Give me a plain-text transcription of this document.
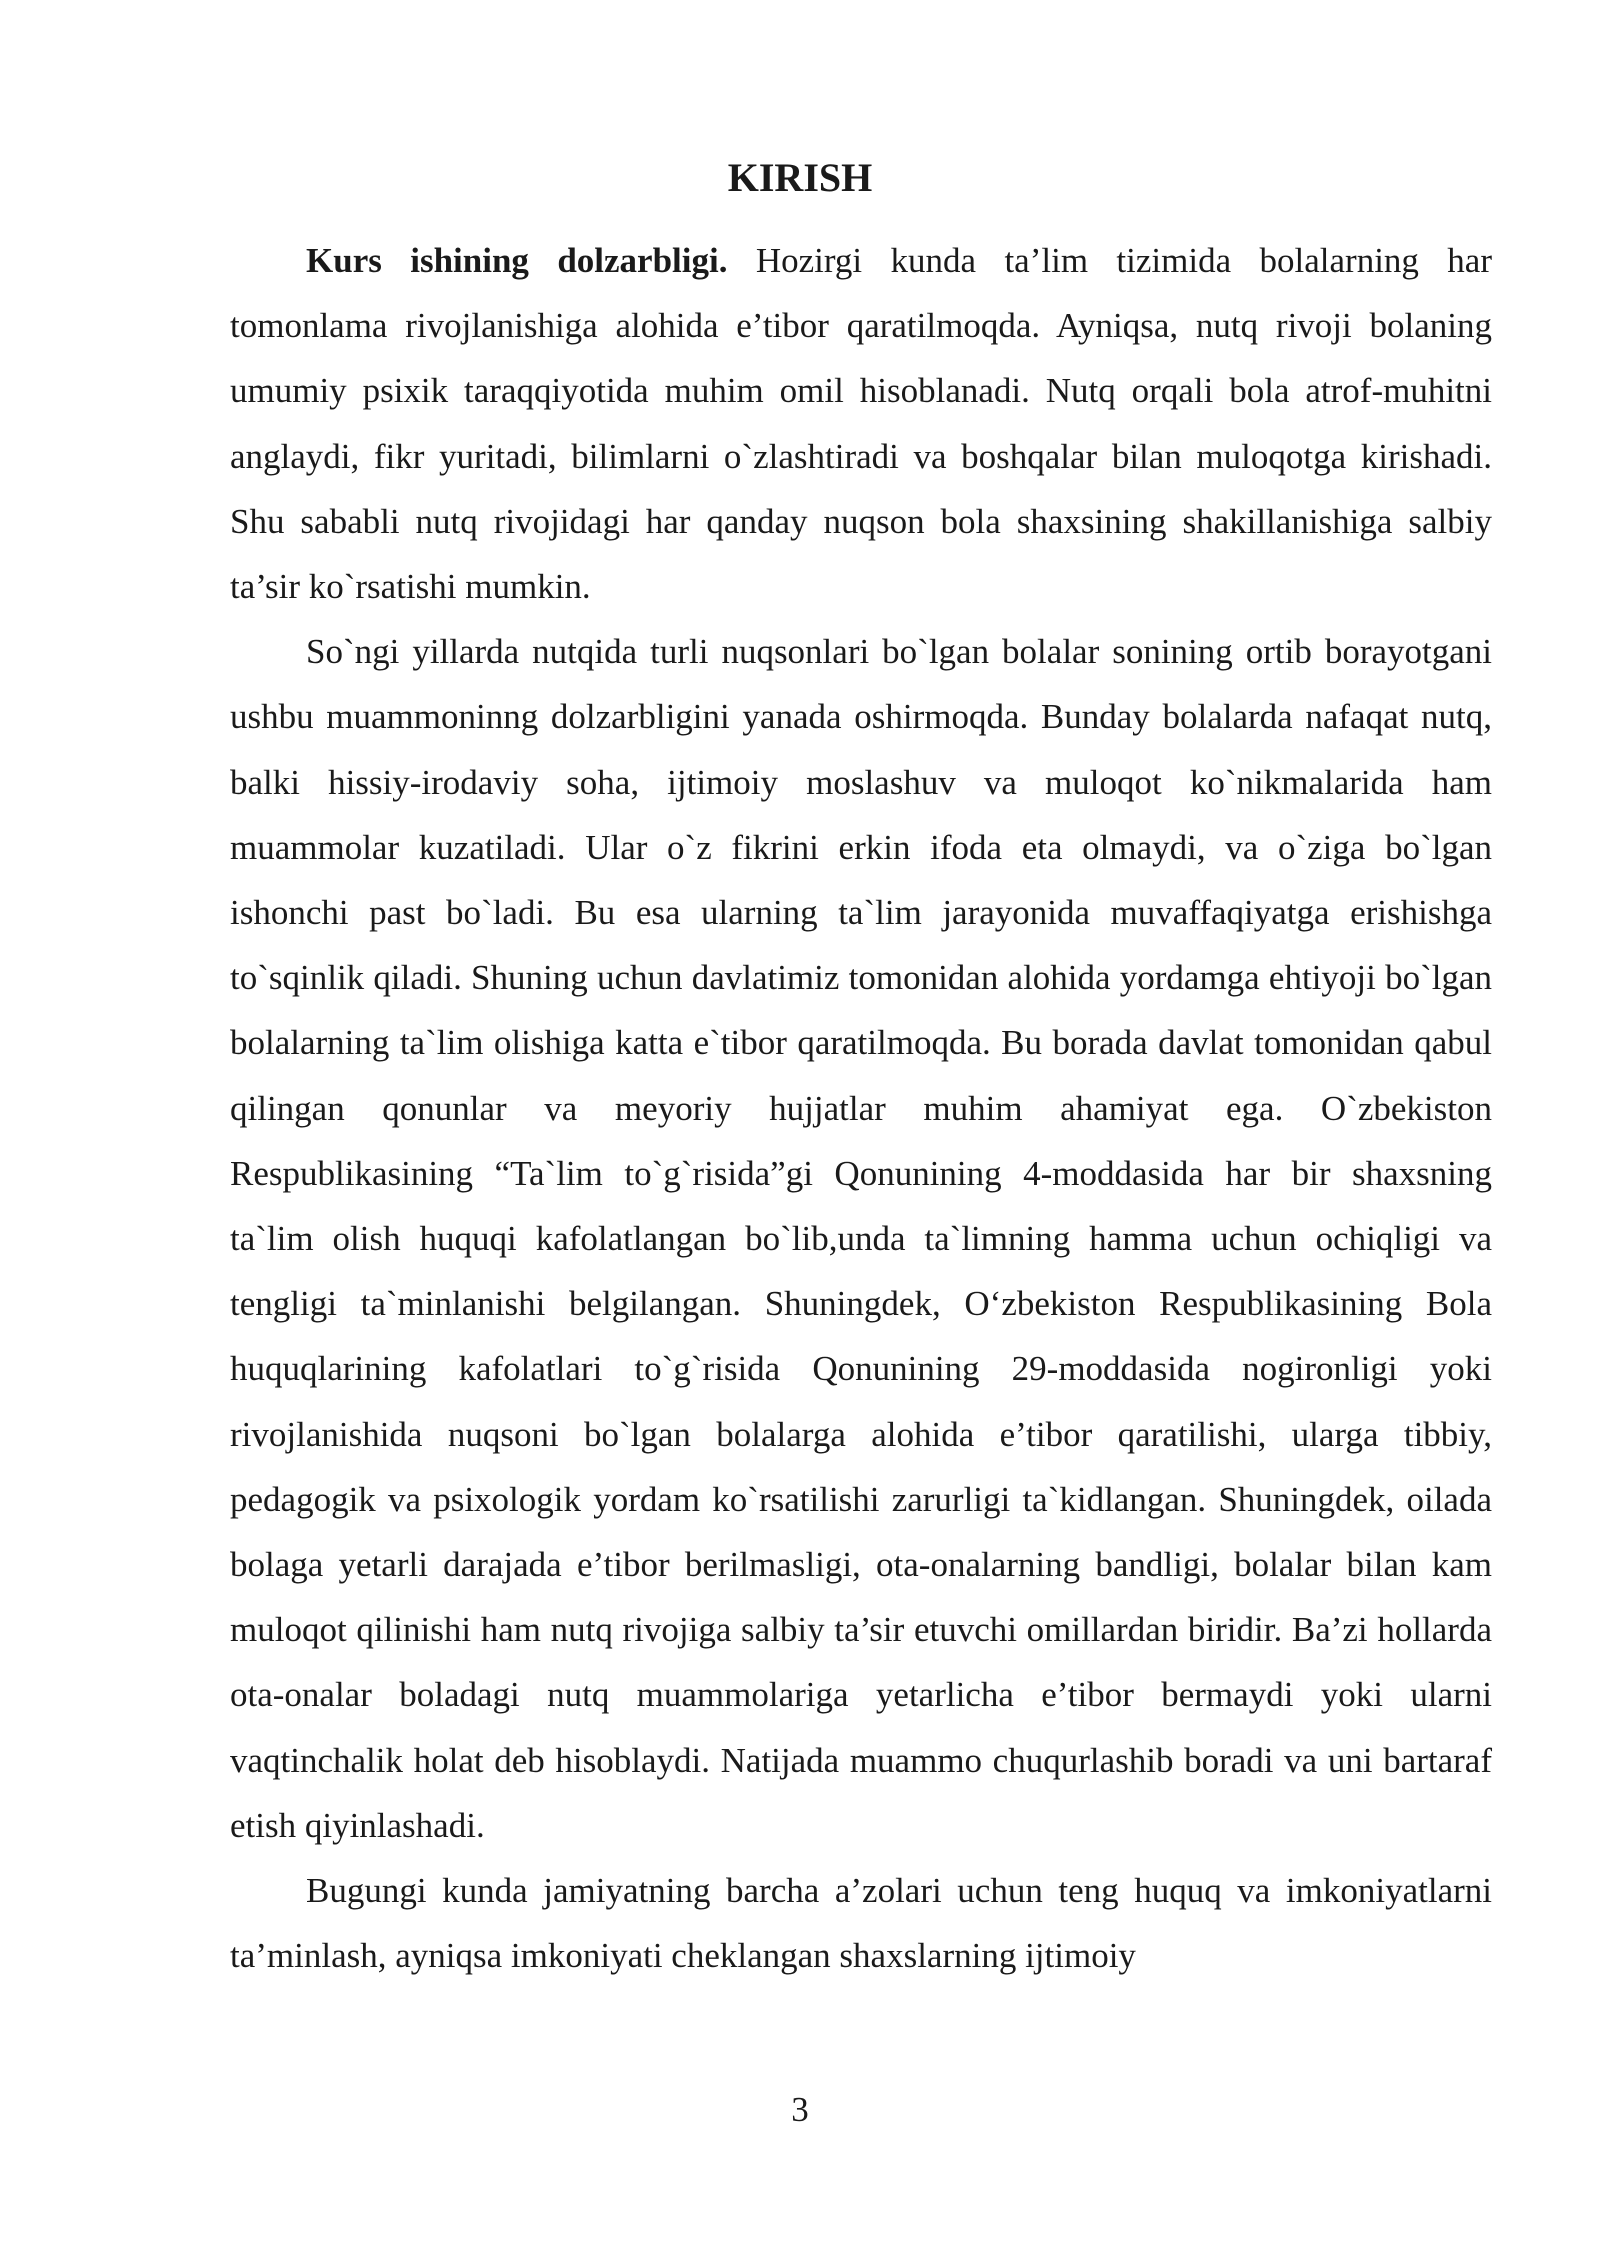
KIRISH

Kurs ishining dolzarbligi. Hozirgi kunda ta’lim tizimida bolalarning har tomonlama rivojlanishiga alohida e’tibor qaratilmoqda. Ayniqsa, nutq rivoji bolaning umumiy psixik taraqqiyotida muhim omil hisoblanadi. Nutq orqali bola atrof-muhitni anglaydi, fikr yuritadi, bilimlarni o`zlashtiradi va boshqalar bilan muloqotga kirishadi. Shu sababli nutq rivojidagi har qanday nuqson bola shaxsining shakillanishiga salbiy ta’sir ko`rsatishi mumkin.

So`ngi yillarda nutqida turli nuqsonlari bo`lgan bolalar sonining ortib borayotgani ushbu muammoninng dolzarbligini yanada oshirmoqda. Bunday bolalarda nafaqat nutq, balki hissiy-irodaviy soha, ijtimoiy moslashuv va muloqot ko`nikmalarida ham muammolar kuzatiladi. Ular o`z fikrini erkin ifoda eta olmaydi, va o`ziga bo`lgan ishonchi past bo`ladi. Bu esa ularning ta`lim jarayonida muvaffaqiyatga erishishga to`sqinlik qiladi. Shuning uchun davlatimiz tomonidan alohida yordamga ehtiyoji bo`lgan bolalarning ta`lim olishiga katta e`tibor qaratilmoqda. Bu borada davlat tomonidan qabul qilingan qonunlar va meyoriy hujjatlar muhim ahamiyat ega. O`zbekiston Respublikasining “Ta`lim to`g`risida”gi Qonunining 4-moddasida har bir shaxsning ta`lim olish huquqi kafolatlangan bo`lib,unda ta`limning hamma uchun ochiqligi va tengligi ta`minlanishi belgilangan. Shuningdek, O‘zbekiston Respublikasining Bola huquqlarining kafolatlari to`g`risida Qonunining 29-moddasida nogironligi yoki rivojlanishida nuqsoni bo`lgan bolalarga alohida e’tibor qaratilishi, ularga tibbiy, pedagogik va psixologik yordam ko`rsatilishi zarurligi ta`kidlangan. Shuningdek, oilada bolaga yetarli darajada e’tibor berilmasligi, ota-onalarning bandligi, bolalar bilan kam muloqot qilinishi ham nutq rivojiga salbiy ta’sir etuvchi omillardan biridir. Ba’zi hollarda ota-onalar boladagi nutq muammolariga yetarlicha e’tibor bermaydi yoki ularni vaqtinchalik holat deb hisoblaydi. Natijada muammo chuqurlashib boradi va uni bartaraf etish qiyinlashadi.

Bugungi kunda jamiyatning barcha a’zolari uchun teng huquq va imkoniyatlarni ta’minlash, ayniqsa imkoniyati cheklangan shaxslarning ijtimoiy

3
